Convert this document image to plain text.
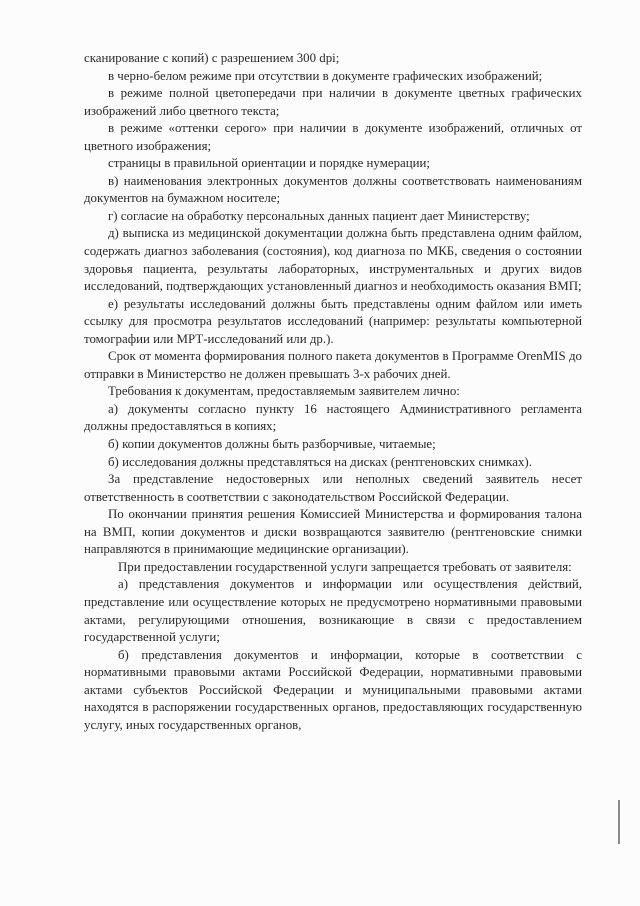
сканирование с копий) с разрешением 300 dpi;

в черно-белом режиме при отсутствии в документе графических изображений;

в режиме полной цветопередачи при наличии в документе цветных графических изображений либо цветного текста;

в режиме «оттенки серого» при наличии в документе изображений, отличных от цветного изображения;

страницы в правильной ориентации и порядке нумерации;

в) наименования электронных документов должны соответствовать наименованиям документов на бумажном носителе;

г) согласие на обработку персональных данных пациент дает Министерству;

д) выписка из медицинской документации должна быть представлена одним файлом, содержать диагноз заболевания (состояния), код диагноза по МКБ, сведения о состоянии здоровья пациента, результаты лабораторных, инструментальных и других видов исследований, подтверждающих установленный диагноз и необходимость оказания ВМП;

е) результаты исследований должны быть представлены одним файлом или иметь ссылку для просмотра результатов исследований (например: результаты компьютерной томографии или МРТ-исследований или др.).

Срок от момента формирования полного пакета документов в Программе OrenMIS до отправки в Министерство не должен превышать 3-х рабочих дней.

Требования к документам, предоставляемым заявителем лично:

а) документы согласно пункту 16 настоящего Административного регламента должны предоставляться в копиях;

б) копии документов должны быть разборчивые, читаемые;

б) исследования должны представляться на дисках (рентгеновских снимках).

За представление недостоверных или неполных сведений заявитель несет ответственность в соответствии с законодательством Российской Федерации.

По окончании принятия решения Комиссией Министерства и формирования талона на ВМП, копии документов и диски возвращаются заявителю (рентгеновские снимки направляются в принимающие медицинские организации).

При предоставлении государственной услуги запрещается требовать от заявителя:

а) представления документов и информации или осуществления действий, представление или осуществление которых не предусмотрено нормативными правовыми актами, регулирующими отношения, возникающие в связи с предоставлением государственной услуги;

б) представления документов и информации, которые в соответствии с нормативными правовыми актами Российской Федерации, нормативными правовыми актами субъектов Российской Федерации и муниципальными правовыми актами находятся в распоряжении государственных органов, предоставляющих государственную услугу, иных государственных органов,
